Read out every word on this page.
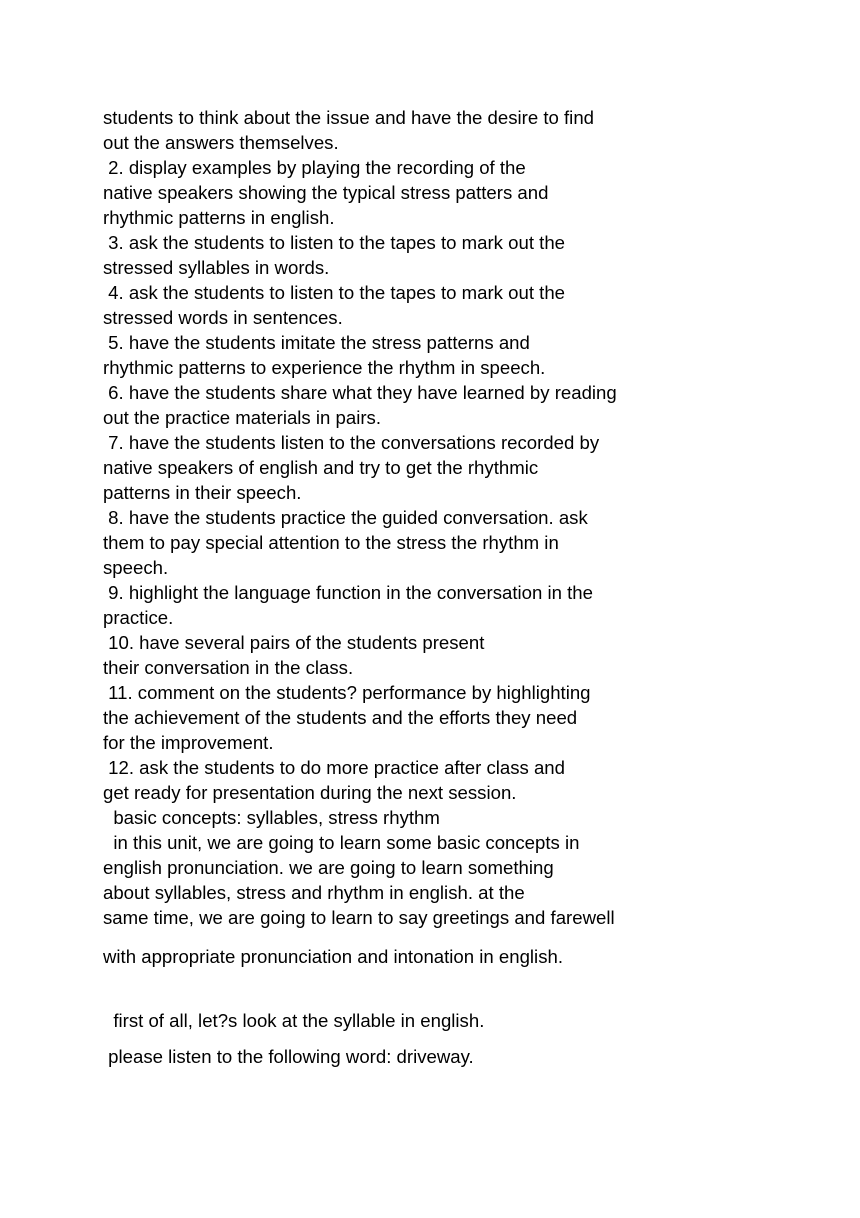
students to think about the issue and have the desire to find

out the answers themselves.

2. display examples by playing the recording of the

native speakers showing the typical stress patters and

rhythmic patterns in english.

3. ask the students to listen to the tapes to mark out the

stressed syllables in words.

4. ask the students to listen to the tapes to mark out the

stressed words in sentences.

5. have the students imitate the stress patterns and

rhythmic patterns to experience the rhythm in speech.

6. have the students share what they have learned by reading

out the practice materials in pairs.

7. have the students listen to the conversations recorded by

native speakers of english and try to get the rhythmic

patterns in their speech.

8. have the students practice the guided conversation. ask

them to pay special attention to the stress the rhythm in

speech.

9. highlight the language function in the conversation in the

practice.

10. have several pairs of the students present

their conversation in the class.

11. comment on the students? performance by highlighting

the achievement of the students and the efforts they need

for the improvement.

12. ask the students to do more practice after class and

get ready for presentation during the next session.

basic concepts: syllables, stress rhythm

in this unit, we are going to learn some basic concepts in

english pronunciation. we are going to learn something

about syllables, stress and rhythm in english. at the

same time, we are going to learn to say greetings and farewell

with appropriate pronunciation and intonation in english.

first of all, let?s look at the syllable in english.

please listen to the following word: driveway.
